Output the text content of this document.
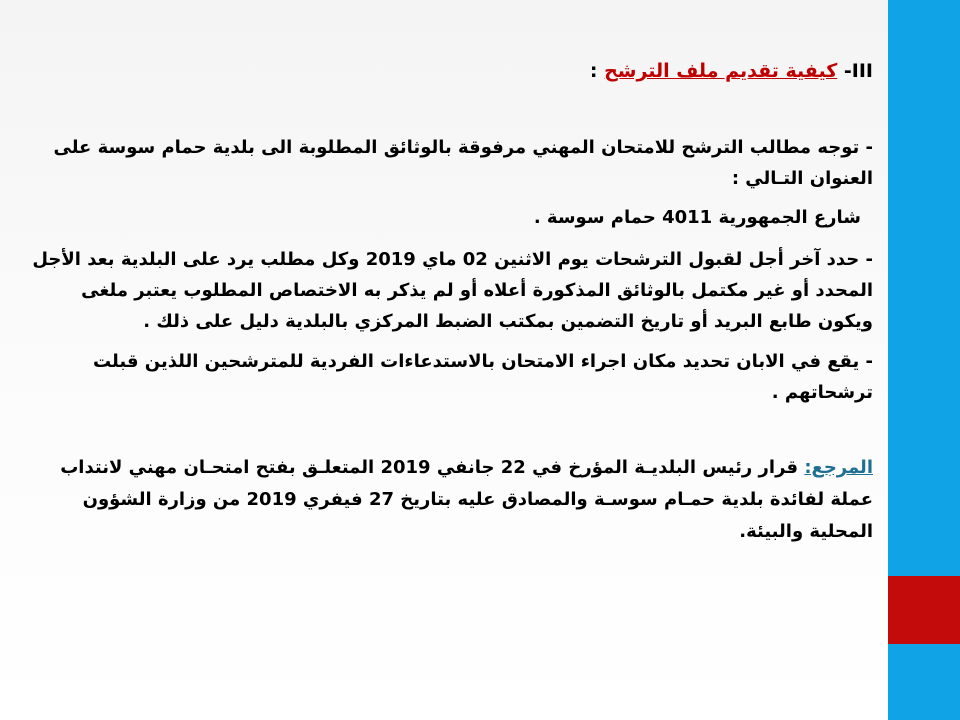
III- كيفية تقديم ملف الترشح :

- توجه مطالب الترشح للامتحان المهني مرفوقة بالوثائق المطلوبة الى بلدية حمام سوسة على العنوان التـالي :

شارع الجمهورية 4011 حمام سوسة .

- حدد آخر أجل لقبول الترشحات يوم الاثنين 02 ماي 2019 وكل مطلب يرد على البلدية بعد الأجل المحدد أو غير مكتمل بالوثائق المذكورة أعلاه أو لم يذكر به الاختصاص المطلوب يعتبر ملغى ويكون طابع البريد أو تاريخ التضمين بمكتب الضبط المركزي بالبلدية دليل على ذلك .

- يقع في الابان تحديد مكان اجراء الامتحان بالاستدعاءات الفردية للمترشحين اللذين قبلت ترشحاتهم .

المرجع: قرار رئيس البلديـة المؤرخ في 22 جانفي 2019 المتعلـق بفتح امتحـان مهني لانتداب عملة لفائدة بلدية حمـام سوسـة والمصادق عليه بتاريخ 27 فيفري 2019 من وزارة الشؤون المحلية والبيئة.
